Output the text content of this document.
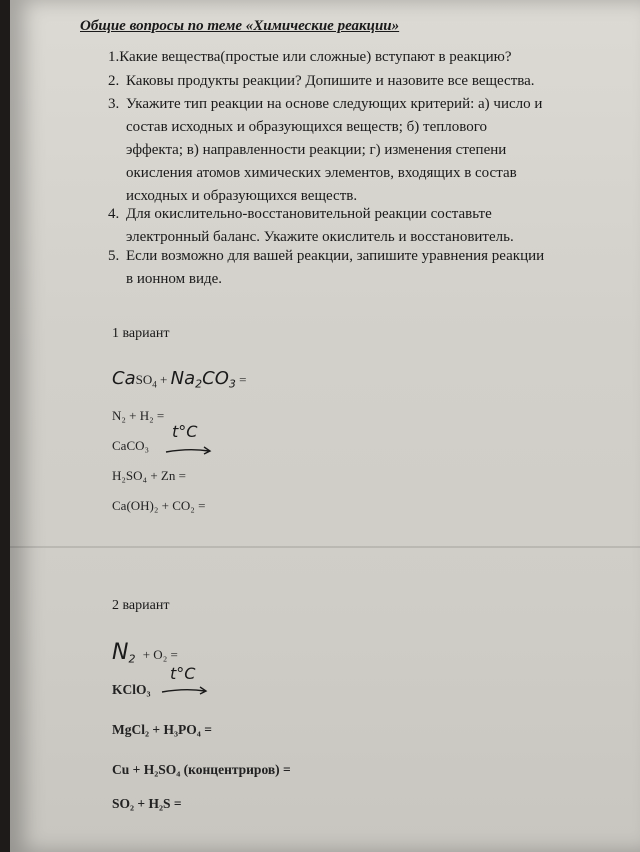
Общие вопросы по теме «Химические реакции»
1.Какие вещества(простые или сложные) вступают в реакцию?
2. Каковы продукты реакции? Допишите и назовите все вещества.
3. Укажите тип реакции на основе следующих критерий: а) число и
состав исходных и образующихся веществ; б) теплового
эффекта; в) направленности реакции; г) изменения степени
окисления атомов химических элементов, входящих в состав
исходных и образующихся веществ.
4. Для окислительно-восстановительной реакции составьте
электронный баланс. Укажите окислитель и восстановитель.
5. Если возможно для вашей реакции, запишите уравнения реакции
в ионном виде.
1 вариант
CaSO$_4$ + $Na_2CO_3$ =
N₂ + H₂ =
CaCO₃
t°C
H₂SO₄ + Zn =
Ca(OH)₂ + CO₂ =
2 вариант
$N_2 + O_2$ =
KClO₃
t°C
MgCl₂ + H₃PO₄ =
Cu + H₂SO₄ (концентриров) =
SO₂ + H₂S =
